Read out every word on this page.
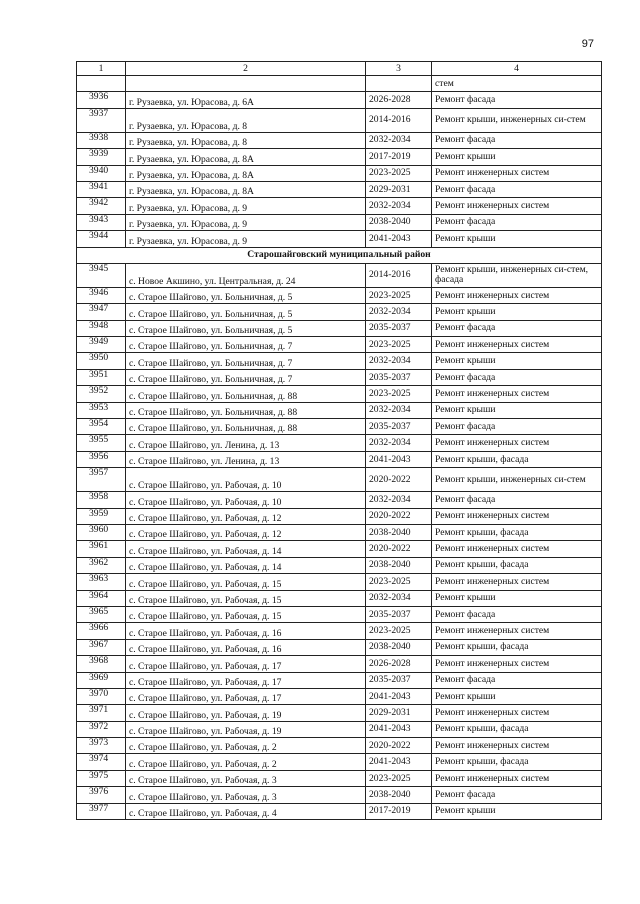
97
1	2	3	4
			стем
3936	г. Рузаевка, ул. Юрасова, д. 6А	2026-2028	Ремонт фасада
3937	г. Рузаевка, ул. Юрасова, д. 8	2014-2016	Ремонт крыши, инженерных си-стем
3938	г. Рузаевка, ул. Юрасова, д. 8	2032-2034	Ремонт фасада
3939	г. Рузаевка, ул. Юрасова, д. 8А	2017-2019	Ремонт крыши
3940	г. Рузаевка, ул. Юрасова, д. 8А	2023-2025	Ремонт инженерных систем
3941	г. Рузаевка, ул. Юрасова, д. 8А	2029-2031	Ремонт фасада
3942	г. Рузаевка, ул. Юрасова, д. 9	2032-2034	Ремонт инженерных систем
3943	г. Рузаевка, ул. Юрасова, д. 9	2038-2040	Ремонт фасада
3944	г. Рузаевка, ул. Юрасова, д. 9	2041-2043	Ремонт крыши
Старошайговский муниципальный район			
3945	с. Новое Акшино, ул. Центральная, д. 24	2014-2016	Ремонт крыши, инженерных си-стем, фасада
3946	с. Старое Шайгово, ул. Больничная, д. 5	2023-2025	Ремонт инженерных систем
3947	с. Старое Шайгово, ул. Больничная, д. 5	2032-2034	Ремонт крыши
3948	с. Старое Шайгово, ул. Больничная, д. 5	2035-2037	Ремонт фасада
3949	с. Старое Шайгово, ул. Больничная, д. 7	2023-2025	Ремонт инженерных систем
3950	с. Старое Шайгово, ул. Больничная, д. 7	2032-2034	Ремонт крыши
3951	с. Старое Шайгово, ул. Больничная, д. 7	2035-2037	Ремонт фасада
3952	с. Старое Шайгово, ул. Больничная, д. 88	2023-2025	Ремонт инженерных систем
3953	с. Старое Шайгово, ул. Больничная, д. 88	2032-2034	Ремонт крыши
3954	с. Старое Шайгово, ул. Больничная, д. 88	2035-2037	Ремонт фасада
3955	с. Старое Шайгово, ул. Ленина, д. 13	2032-2034	Ремонт инженерных систем
3956	с. Старое Шайгово, ул. Ленина, д. 13	2041-2043	Ремонт крыши, фасада
3957	с. Старое Шайгово, ул. Рабочая, д. 10	2020-2022	Ремонт крыши, инженерных си-стем
3958	с. Старое Шайгово, ул. Рабочая, д. 10	2032-2034	Ремонт фасада
3959	с. Старое Шайгово, ул. Рабочая, д. 12	2020-2022	Ремонт инженерных систем
3960	с. Старое Шайгово, ул. Рабочая, д. 12	2038-2040	Ремонт крыши, фасада
3961	с. Старое Шайгово, ул. Рабочая, д. 14	2020-2022	Ремонт инженерных систем
3962	с. Старое Шайгово, ул. Рабочая, д. 14	2038-2040	Ремонт крыши, фасада
3963	с. Старое Шайгово, ул. Рабочая, д. 15	2023-2025	Ремонт инженерных систем
3964	с. Старое Шайгово, ул. Рабочая, д. 15	2032-2034	Ремонт крыши
3965	с. Старое Шайгово, ул. Рабочая, д. 15	2035-2037	Ремонт фасада
3966	с. Старое Шайгово, ул. Рабочая, д. 16	2023-2025	Ремонт инженерных систем
3967	с. Старое Шайгово, ул. Рабочая, д. 16	2038-2040	Ремонт крыши, фасада
3968	с. Старое Шайгово, ул. Рабочая, д. 17	2026-2028	Ремонт инженерных систем
3969	с. Старое Шайгово, ул. Рабочая, д. 17	2035-2037	Ремонт фасада
3970	с. Старое Шайгово, ул. Рабочая, д. 17	2041-2043	Ремонт крыши
3971	с. Старое Шайгово, ул. Рабочая, д. 19	2029-2031	Ремонт инженерных систем
3972	с. Старое Шайгово, ул. Рабочая, д. 19	2041-2043	Ремонт крыши, фасада
3973	с. Старое Шайгово, ул. Рабочая, д. 2	2020-2022	Ремонт инженерных систем
3974	с. Старое Шайгово, ул. Рабочая, д. 2	2041-2043	Ремонт крыши, фасада
3975	с. Старое Шайгово, ул. Рабочая, д. 3	2023-2025	Ремонт инженерных систем
3976	с. Старое Шайгово, ул. Рабочая, д. 3	2038-2040	Ремонт фасада
3977	с. Старое Шайгово, ул. Рабочая, д. 4	2017-2019	Ремонт крыши
